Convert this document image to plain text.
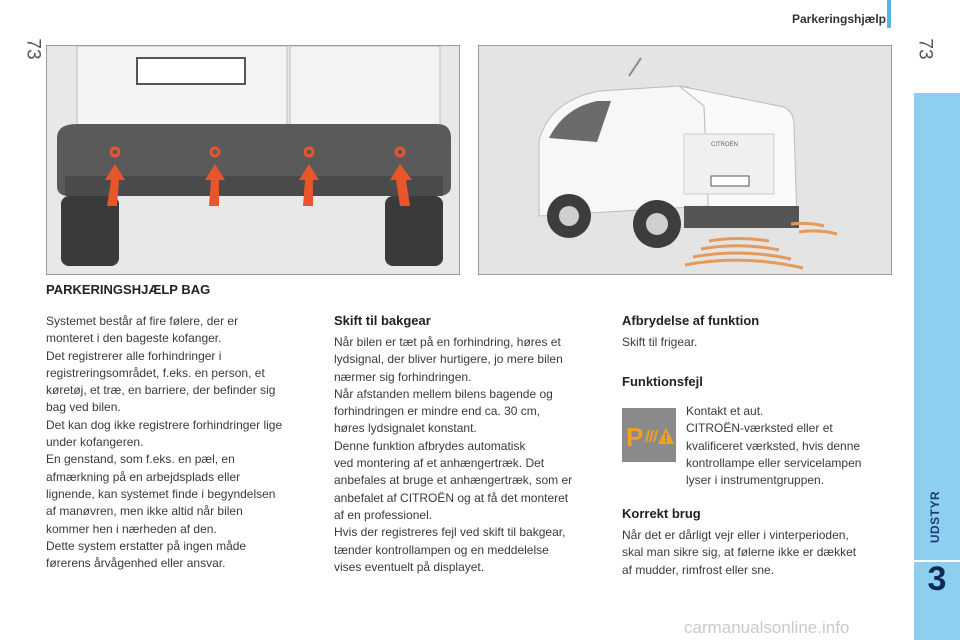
73	73
Parkeringshjælp
UDSTYR
3
CITROËN
PARKERINGSHJÆLP BAG

Systemet består af fire følere, der er

monteret i den bageste kofanger.

Det registrerer alle forhindringer i

registreringsområdet, f.eks. en person, et

køretøj, et træ, en barriere, der befinder sig

bag ved bilen.

Det kan dog ikke registrere forhindringer lige

under kofangeren.

En genstand, som f.eks. en pæl, en

afmærkning på en arbejdsplads eller

lignende, kan systemet finde i begyndelsen

af manøvren, men ikke altid når bilen

kommer hen i nærheden af den.

Dette system erstatter på ingen måde

førerens årvågenhed eller ansvar.

Skift til bakgear

Når bilen er tæt på en forhindring, høres et

lydsignal, der bliver hurtigere, jo mere bilen

nærmer sig forhindringen.

Når afstanden mellem bilens bagende og

forhindringen er mindre end ca. 30 cm,

høres lydsignalet konstant.

Denne funktion afbrydes automatisk

ved montering af et anhængertræk. Det

anbefales at bruge et anhængertræk, som er

anbefalet af CITROËN og at få det monteret

af en professionel.

Hvis der registreres fejl ved skift til bakgear,

tænder kontrollampen og en meddelelse

vises eventuelt på displayet.

Afbrydelse af funktion
Skift til frigear.
Funktionsfejl
P

Kontakt et aut.

CITROËN-værksted eller et

kvalificeret værksted, hvis denne

kontrollampe eller servicelampen

lyser i instrumentgruppen.

Korrekt brug

Når det er dårligt vejr eller i vinterperioden,

skal man sikre sig, at følerne ikke er dækket

af mudder, rimfrost eller sne.

carmanualsonline.info
